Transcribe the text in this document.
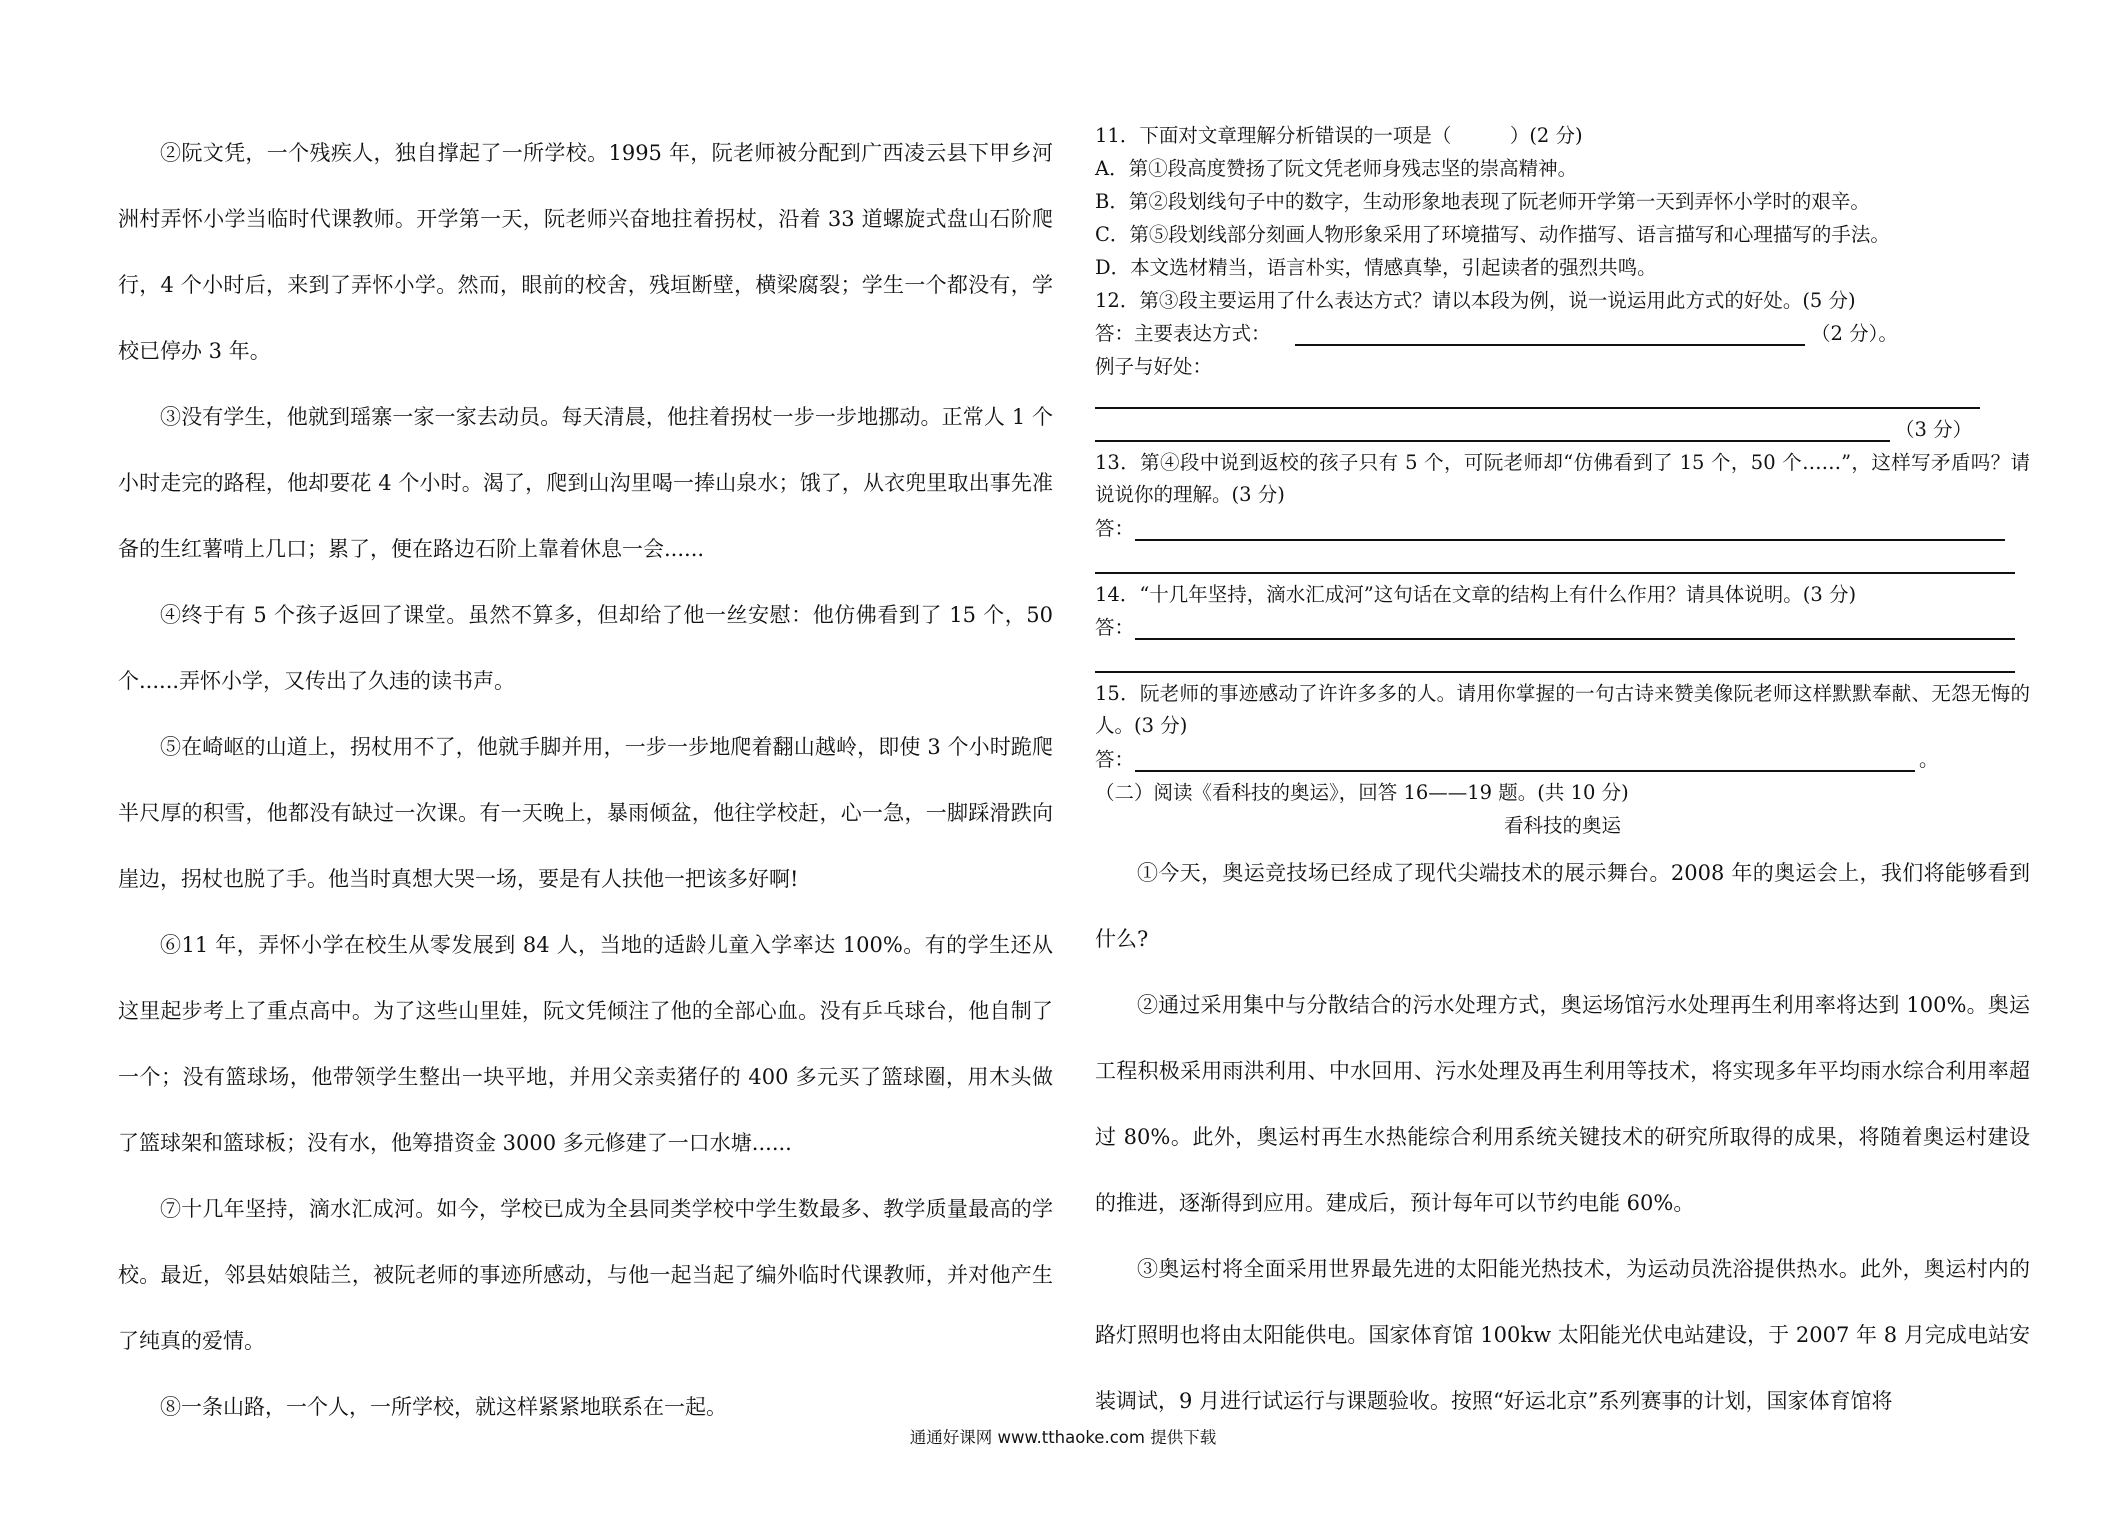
②阮文凭，一个残疾人，独自撑起了一所学校。1995 年，阮老师被分配到广西凌云县下甲乡河洲村弄怀小学当临时代课教师。开学第一天，阮老师兴奋地拄着拐杖，沿着 33 道螺旋式盘山石阶爬行，4 个小时后，来到了弄怀小学。然而，眼前的校舍，残垣断壁，横梁腐裂；学生一个都没有，学校已停办 3 年。

③没有学生，他就到瑶寨一家一家去动员。每天清晨，他拄着拐杖一步一步地挪动。正常人 1 个小时走完的路程，他却要花 4 个小时。渴了，爬到山沟里喝一捧山泉水；饿了，从衣兜里取出事先准备的生红薯啃上几口；累了，便在路边石阶上靠着休息一会......

④终于有 5 个孩子返回了课堂。虽然不算多，但却给了他一丝安慰：他仿佛看到了 15 个，50 个......弄怀小学，又传出了久违的读书声。

⑤在崎岖的山道上，拐杖用不了，他就手脚并用，一步一步地爬着翻山越岭，即使 3 个小时跪爬半尺厚的积雪，他都没有缺过一次课。有一天晚上，暴雨倾盆，他往学校赶，心一急，一脚踩滑跌向崖边，拐杖也脱了手。他当时真想大哭一场，要是有人扶他一把该多好啊!

⑥11 年，弄怀小学在校生从零发展到 84 人，当地的适龄儿童入学率达 100%。有的学生还从这里起步考上了重点高中。为了这些山里娃，阮文凭倾注了他的全部心血。没有乒乓球台，他自制了一个；没有篮球场，他带领学生整出一块平地，并用父亲卖猪仔的 400 多元买了篮球圈，用木头做了篮球架和篮球板；没有水，他筹措资金 3000 多元修建了一口水塘......

⑦十几年坚持，滴水汇成河。如今，学校已成为全县同类学校中学生数最多、教学质量最高的学校。最近，邻县姑娘陆兰，被阮老师的事迹所感动，与他一起当起了编外临时代课教师，并对他产生了纯真的爱情。

⑧一条山路，一个人，一所学校，就这样紧紧地联系在一起。

11．下面对文章理解分析错误的一项是（　　　）(2 分)

A．第①段高度赞扬了阮文凭老师身残志坚的崇高精神。

B．第②段划线句子中的数字，生动形象地表现了阮老师开学第一天到弄怀小学时的艰辛。

C．第⑤段划线部分刻画人物形象采用了环境描写、动作描写、语言描写和心理描写的手法。

D．本文选材精当，语言朴实，情感真挚，引起读者的强烈共鸣。

12．第③段主要运用了什么表达方式？请以本段为例，说一说运用此方式的好处。(5 分)

答：主要表达方式：	（2 分）。

例子与好处：

（3 分）

13．第④段中说到返校的孩子只有 5 个，可阮老师却“仿佛看到了 15 个，50 个……”，这样写矛盾吗？请说说你的理解。(3 分)

答：

14．“十几年坚持，滴水汇成河”这句话在文章的结构上有什么作用？请具体说明。(3 分)

答：

15．阮老师的事迹感动了许许多多的人。请用你掌握的一句古诗来赞美像阮老师这样默默奉献、无怨无悔的人。(3 分)

答：	。

（二）阅读《看科技的奥运》，回答 16——19 题。(共 10 分)

看科技的奥运

①今天，奥运竞技场已经成了现代尖端技术的展示舞台。2008 年的奥运会上，我们将能够看到什么?

②通过采用集中与分散结合的污水处理方式，奥运场馆污水处理再生利用率将达到 100%。奥运工程积极采用雨洪利用、中水回用、污水处理及再生利用等技术，将实现多年平均雨水综合利用率超过 80%。此外，奥运村再生水热能综合利用系统关键技术的研究所取得的成果，将随着奥运村建设的推进，逐渐得到应用。建成后，预计每年可以节约电能 60%。

③奥运村将全面采用世界最先进的太阳能光热技术，为运动员洗浴提供热水。此外，奥运村内的路灯照明也将由太阳能供电。国家体育馆 100kw 太阳能光伏电站建设，于 2007 年 8 月完成电站安装调试，9 月进行试运行与课题验收。按照“好运北京”系列赛事的计划，国家体育馆将

通通好课网 www.tthaoke.com 提供下载
